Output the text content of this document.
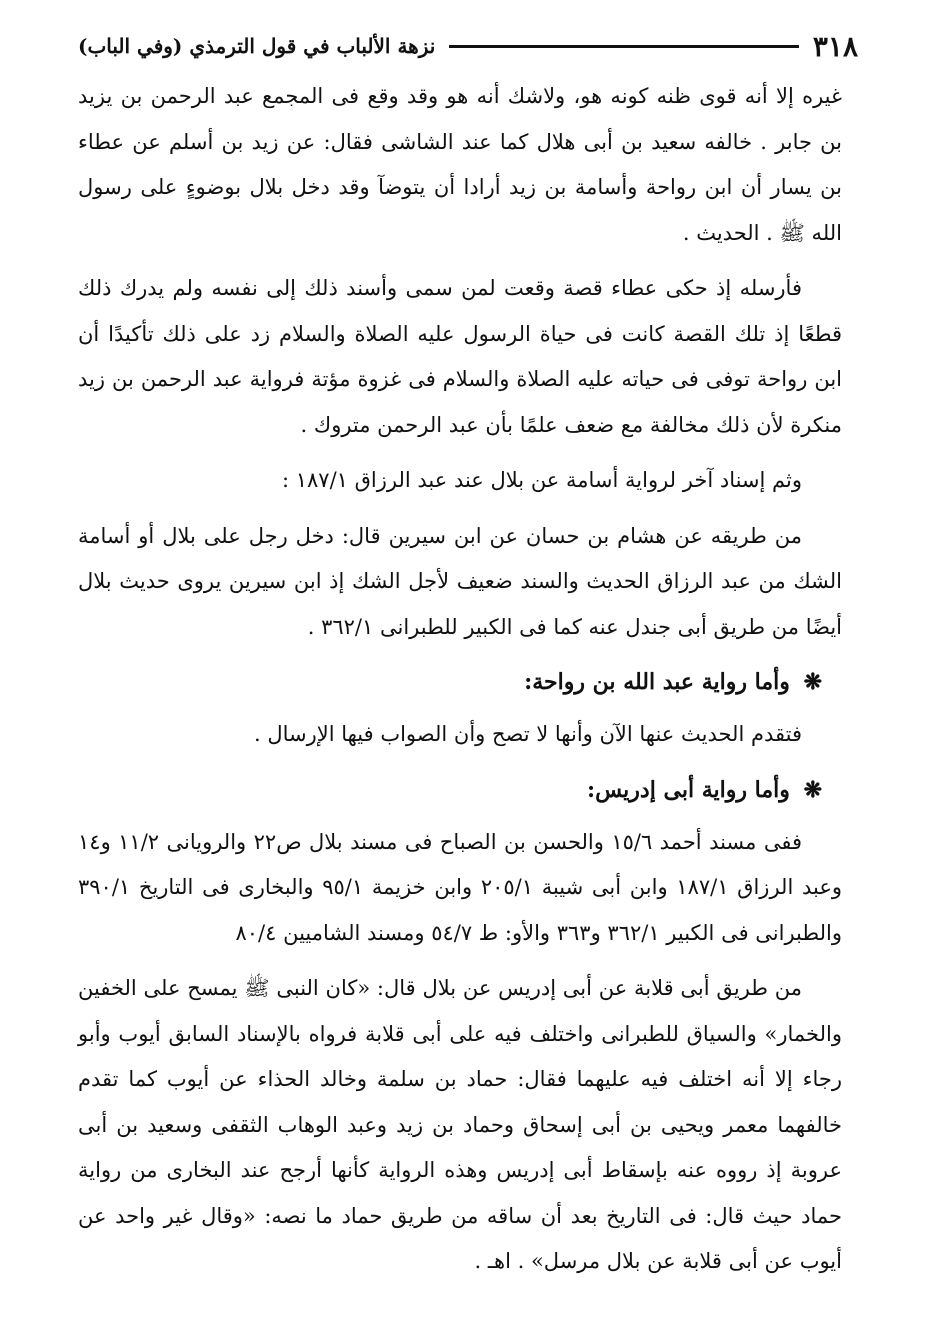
٣١٨
نزهة الألباب في قول الترمذي (وفي الباب)

غيره إلا أنه قوى ظنه كونه هو، ولاشك أنه هو وقد وقع فى المجمع عبد الرحمن بن يزيد بن جابر . خالفه سعيد بن أبى هلال كما عند الشاشى فقال: عن زيد بن أسلم عن عطاء بن يسار أن ابن رواحة وأسامة بن زيد أرادا أن يتوضآ وقد دخل بلال بوضوءٍ على رسول الله ﷺ . الحديث .

فأرسله إذ حكى عطاء قصة وقعت لمن سمى وأسند ذلك إلى نفسه ولم يدرك ذلك قطعًا إذ تلك القصة كانت فى حياة الرسول عليه الصلاة والسلام زد على ذلك تأكيدًا أن ابن رواحة توفى فى حياته عليه الصلاة والسلام فى غزوة مؤتة فرواية عبد الرحمن بن زيد منكرة لأن ذلك مخالفة مع ضعف علمًا بأن عبد الرحمن متروك .

وثم إسناد آخر لرواية أسامة عن بلال عند عبد الرزاق ١٨٧/١ :

من طريقه عن هشام بن حسان عن ابن سيرين قال: دخل رجل على بلال أو أسامة الشك من عبد الرزاق الحديث والسند ضعيف لأجل الشك إذ ابن سيرين يروى حديث بلال أيضًا من طريق أبى جندل عنه كما فى الكبير للطبرانى ٣٦٢/١ .

❋ وأما رواية عبد الله بن رواحة:

فتقدم الحديث عنها الآن وأنها لا تصح وأن الصواب فيها الإرسال .

❋ وأما رواية أبى إدريس:

ففى مسند أحمد ١٥/٦ والحسن بن الصباح فى مسند بلال ص٢٢ والرويانى ١١/٢ و١٤ وعبد الرزاق ١٨٧/١ وابن أبى شيبة ٢٠٥/١ وابن خزيمة ٩٥/١ والبخارى فى التاريخ ٣٩٠/١ والطبرانى فى الكبير ٣٦٢/١ و٣٦٣ والأو: ط ٥٤/٧ ومسند الشاميين ٨٠/٤

من طريق أبى قلابة عن أبى إدريس عن بلال قال: «كان النبى ﷺ يمسح على الخفين والخمار» والسياق للطبرانى واختلف فيه على أبى قلابة فرواه بالإسناد السابق أيوب وأبو رجاء إلا أنه اختلف فيه عليهما فقال: حماد بن سلمة وخالد الحذاء عن أيوب كما تقدم خالفهما معمر ويحيى بن أبى إسحاق وحماد بن زيد وعبد الوهاب الثقفى وسعيد بن أبى عروبة إذ رووه عنه بإسقاط أبى إدريس وهذه الرواية كأنها أرجح عند البخارى من رواية حماد حيث قال: فى التاريخ بعد أن ساقه من طريق حماد ما نصه: «وقال غير واحد عن أيوب عن أبى قلابة عن بلال مرسل» . اهـ .
